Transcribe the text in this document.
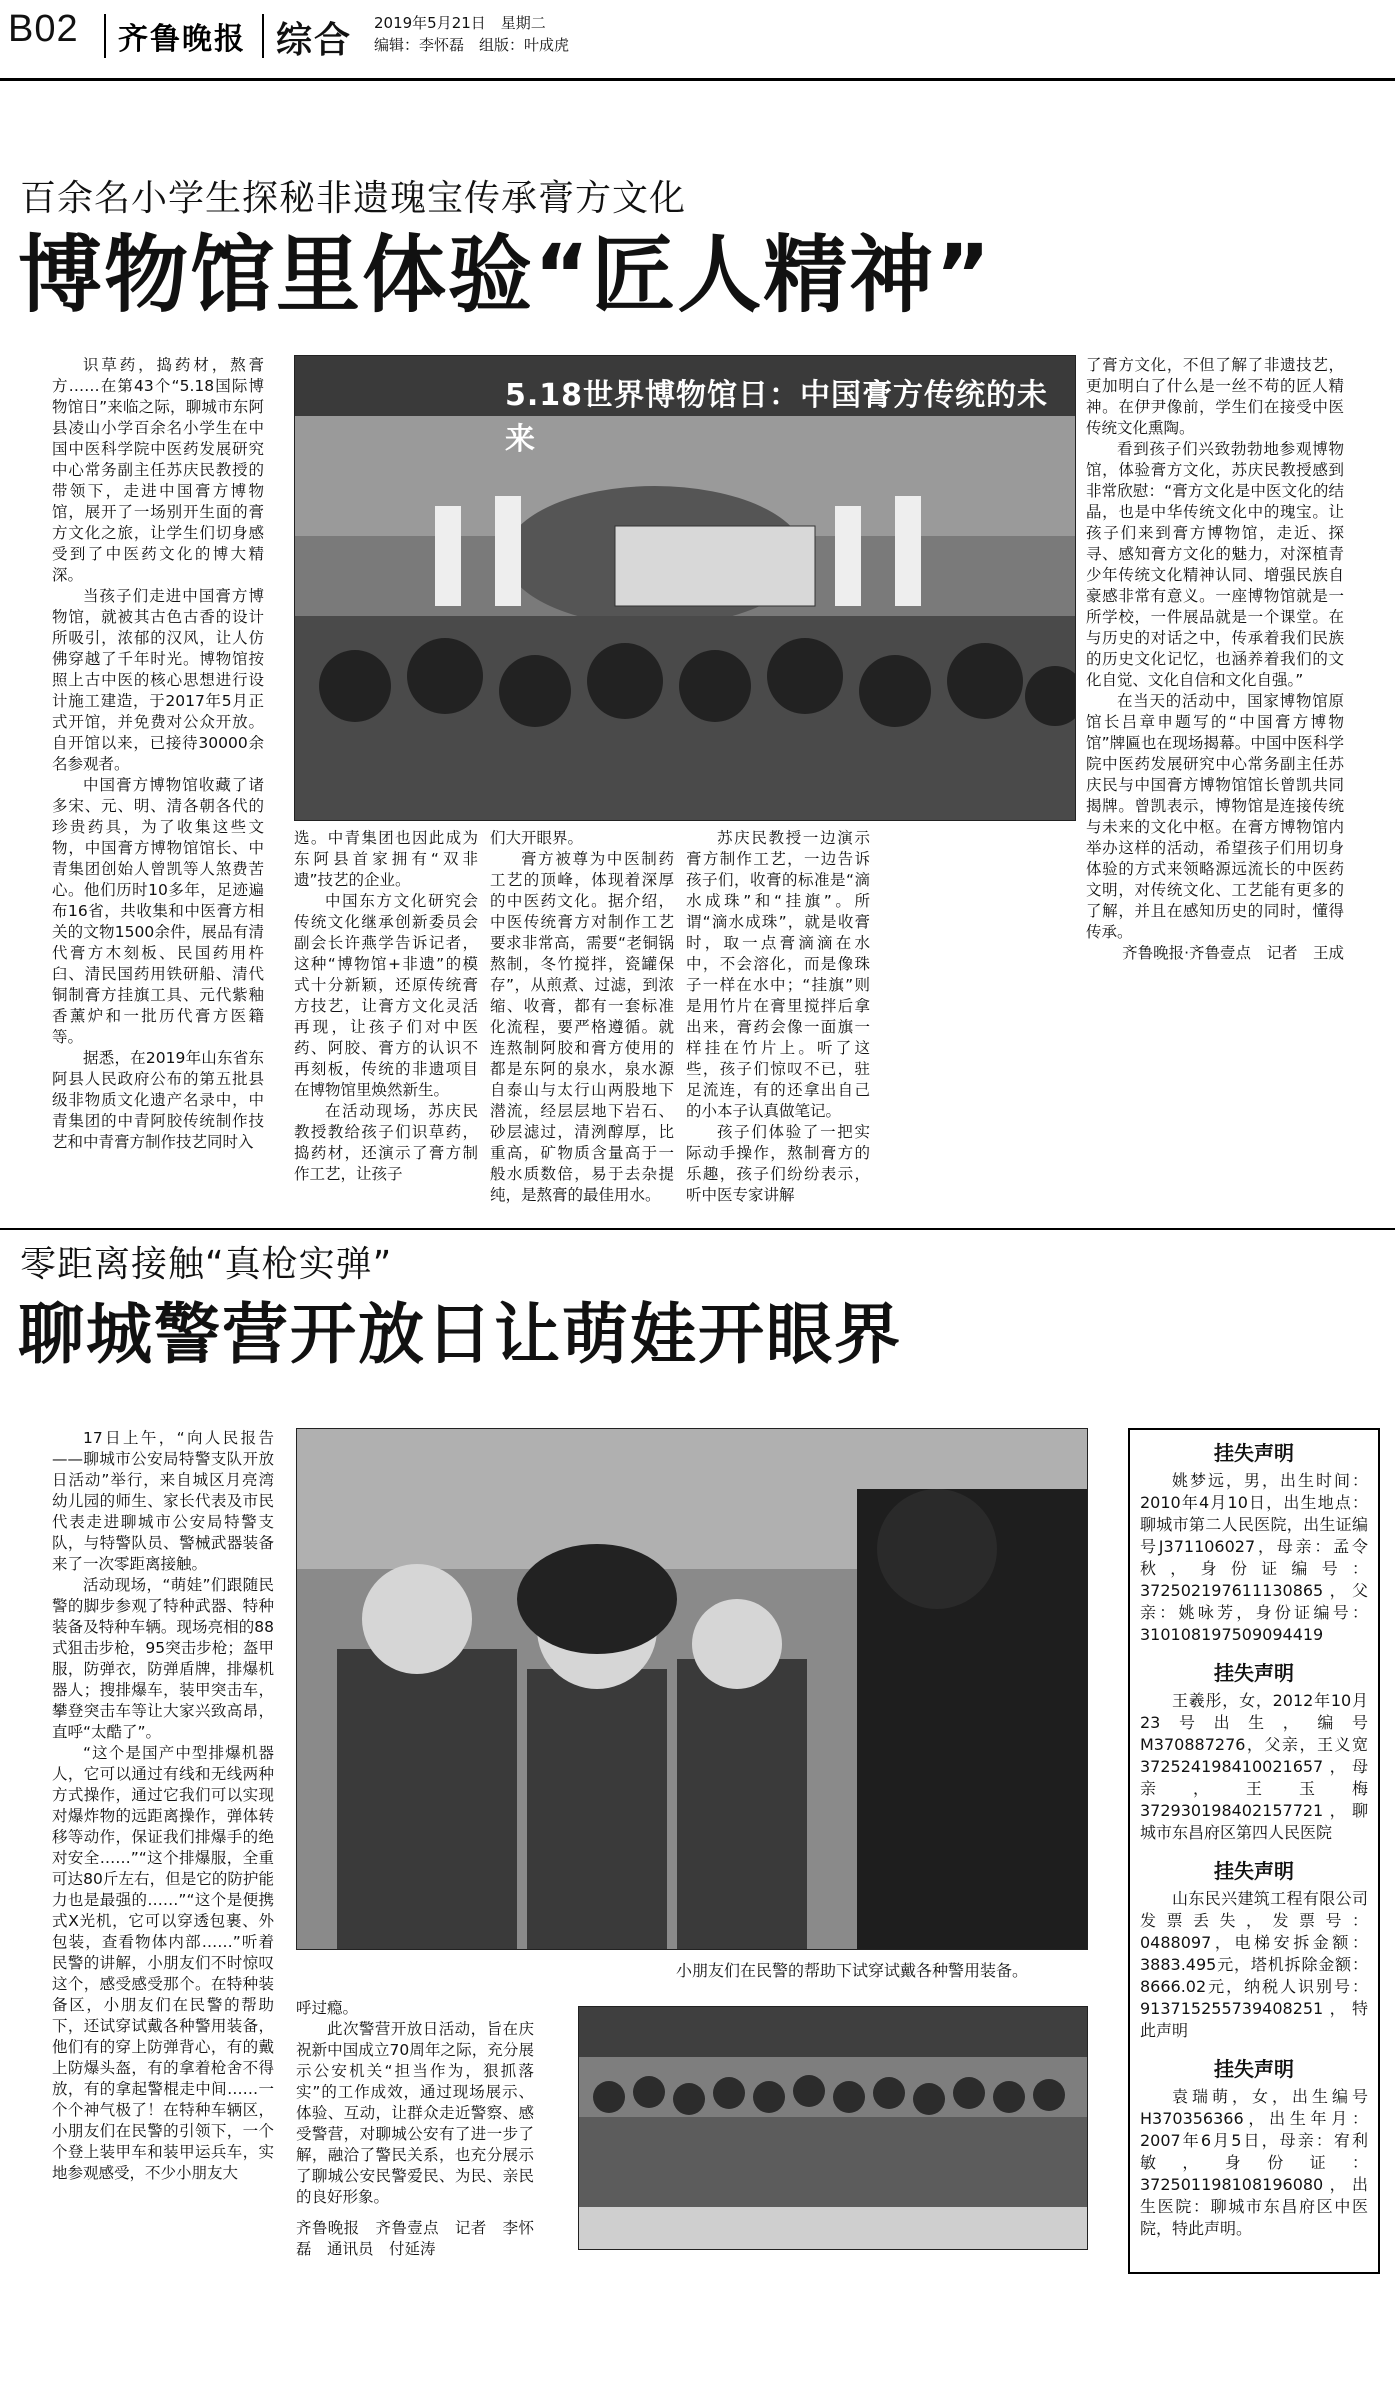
B02 齐鲁晚报 综合 2019年5月21日　星期二
编辑：李怀磊　组版：叶成虎
百余名小学生探秘非遗瑰宝传承膏方文化
博物馆里体验“匠人精神”

识草药，捣药材，熬膏方……在第43个“5.18国际博物馆日”来临之际，聊城市东阿县凌山小学百余名小学生在中国中医科学院中医药发展研究中心常务副主任苏庆民教授的带领下，走进中国膏方博物馆，展开了一场别开生面的膏方文化之旅，让学生们切身感受到了中医药文化的博大精深。

当孩子们走进中国膏方博物馆，就被其古色古香的设计所吸引，浓郁的汉风，让人仿佛穿越了千年时光。博物馆按照上古中医的核心思想进行设计施工建造，于2017年5月正式开馆，并免费对公众开放。自开馆以来，已接待30000余名参观者。

中国膏方博物馆收藏了诸多宋、元、明、清各朝各代的珍贵药具，为了收集这些文物，中国膏方博物馆馆长、中青集团创始人曾凯等人煞费苦心。他们历时10多年，足迹遍布16省，共收集和中医膏方相关的文物1500余件，展品有清代膏方木刻板、民国药用杵臼、清民国药用铁研船、清代铜制膏方挂旗工具、元代紫釉香薰炉和一批历代膏方医籍等。

据悉，在2019年山东省东阿县人民政府公布的第五批县级非物质文化遗产名录中，中青集团的中青阿胶传统制作技艺和中青膏方制作技艺同时入

5.18世界博物馆日：中国膏方传统的未来

选。中青集团也因此成为东阿县首家拥有“双非遗”技艺的企业。

中国东方文化研究会传统文化继承创新委员会副会长许燕学告诉记者，这种“博物馆+非遗”的模式十分新颖，还原传统膏方技艺，让膏方文化灵活再现，让孩子们对中医药、阿胶、膏方的认识不再刻板，传统的非遗项目在博物馆里焕然新生。

在活动现场，苏庆民教授教给孩子们识草药，捣药材，还演示了膏方制作工艺，让孩子

们大开眼界。

膏方被尊为中医制药工艺的顶峰，体现着深厚的中医药文化。据介绍，中医传统膏方对制作工艺要求非常高，需要“老铜锅熬制，冬竹搅拌，瓷罐保存”，从煎煮、过滤，到浓缩、收膏，都有一套标准化流程，要严格遵循。就连熬制阿胶和膏方使用的都是东阿的泉水，泉水源自泰山与太行山两股地下潜流，经层层地下岩石、砂层滤过，清洌醇厚，比重高，矿物质含量高于一般水质数倍，易于去杂提纯，是熬膏的最佳用水。

苏庆民教授一边演示膏方制作工艺，一边告诉孩子们，收膏的标准是“滴水成珠”和“挂旗”。所谓“滴水成珠”，就是收膏时，取一点膏滴滴在水中，不会溶化，而是像珠子一样在水中；“挂旗”则是用竹片在膏里搅拌后拿出来，膏药会像一面旗一样挂在竹片上。听了这些，孩子们惊叹不已，驻足流连，有的还拿出自己的小本子认真做笔记。

孩子们体验了一把实际动手操作，熬制膏方的乐趣，孩子们纷纷表示，听中医专家讲解

了膏方文化，不但了解了非遗技艺，更加明白了什么是一丝不苟的匠人精神。在伊尹像前，学生们在接受中医传统文化熏陶。

看到孩子们兴致勃勃地参观博物馆，体验膏方文化，苏庆民教授感到非常欣慰：“膏方文化是中医文化的结晶，也是中华传统文化中的瑰宝。让孩子们来到膏方博物馆，走近、探寻、感知膏方文化的魅力，对深植青少年传统文化精神认同、增强民族自豪感非常有意义。一座博物馆就是一所学校，一件展品就是一个课堂。在与历史的对话之中，传承着我们民族的历史文化记忆，也涵养着我们的文化自觉、文化自信和文化自强。”

在当天的活动中，国家博物馆原馆长吕章申题写的“中国膏方博物馆”牌匾也在现场揭幕。中国中医科学院中医药发展研究中心常务副主任苏庆民与中国膏方博物馆馆长曾凯共同揭牌。曾凯表示，博物馆是连接传统与未来的文化中枢。在膏方博物馆内举办这样的活动，希望孩子们用切身体验的方式来领略源远流长的中医药文明，对传统文化、工艺能有更多的了解，并且在感知历史的同时，懂得传承。

齐鲁晚报·齐鲁壹点　记者　王成

零距离接触“真枪实弹”
聊城警营开放日让萌娃开眼界

17日上午，“向人民报告——聊城市公安局特警支队开放日活动”举行，来自城区月亮湾幼儿园的师生、家长代表及市民代表走进聊城市公安局特警支队，与特警队员、警械武器装备来了一次零距离接触。

活动现场，“萌娃”们跟随民警的脚步参观了特种武器、特种装备及特种车辆。现场亮相的88式狙击步枪，95突击步枪；盔甲服，防弹衣，防弹盾牌，排爆机器人；搜排爆车，装甲突击车，攀登突击车等让大家兴致高昂，直呼“太酷了”。

“这个是国产中型排爆机器人，它可以通过有线和无线两种方式操作，通过它我们可以实现对爆炸物的远距离操作，弹体转移等动作，保证我们排爆手的绝对安全……”“这个排爆服，全重可达80斤左右，但是它的防护能力也是最强的……”“这个是便携式X光机，它可以穿透包裹、外包装，查看物体内部……”听着民警的讲解，小朋友们不时惊叹这个，感受感受那个。在特种装备区，小朋友们在民警的帮助下，还试穿试戴各种警用装备，他们有的穿上防弹背心，有的戴上防爆头盔，有的拿着枪舍不得放，有的拿起警棍走中间……一个个神气极了！在特种车辆区，小朋友们在民警的引领下，一个个登上装甲车和装甲运兵车，实地参观感受，不少小朋友大

小朋友们在民警的帮助下试穿试戴各种警用装备。

呼过瘾。

此次警营开放日活动，旨在庆祝新中国成立70周年之际，充分展示公安机关“担当作为，狠抓落实”的工作成效，通过现场展示、体验、互动，让群众走近警察、感受警营，对聊城公安有了进一步了解，融洽了警民关系，也充分展示了聊城公安民警爱民、为民、亲民的良好形象。

齐鲁晚报　齐鲁壹点　记者　李怀磊　通讯员　付延涛

挂失声明

姚梦远，男，出生时间：2010年4月10日，出生地点：聊城市第二人民医院，出生证编号J371106027，母亲：孟令秋，身份证编号：372502197611130865，父亲：姚咏芳，身份证编号：310108197509094419

挂失声明

王羲彤，女，2012年10月23号出生，编号M370887276，父亲，王义宽372524198410021657，母亲，王玉梅372930198402157721，聊城市东昌府区第四人民医院

挂失声明

山东民兴建筑工程有限公司发票丢失，发票号：0488097，电梯安拆金额：3883.495元，塔机拆除金额：8666.02元，纳税人识别号：91371525573940825​1，特此声明

挂失声明

袁瑞萌，女，出生编号H370356366，出生年月：2007年6月5日，母亲：宥利敏，身份证：372501198108196080，出生医院：聊城市东昌府区中医院，特此声明。
